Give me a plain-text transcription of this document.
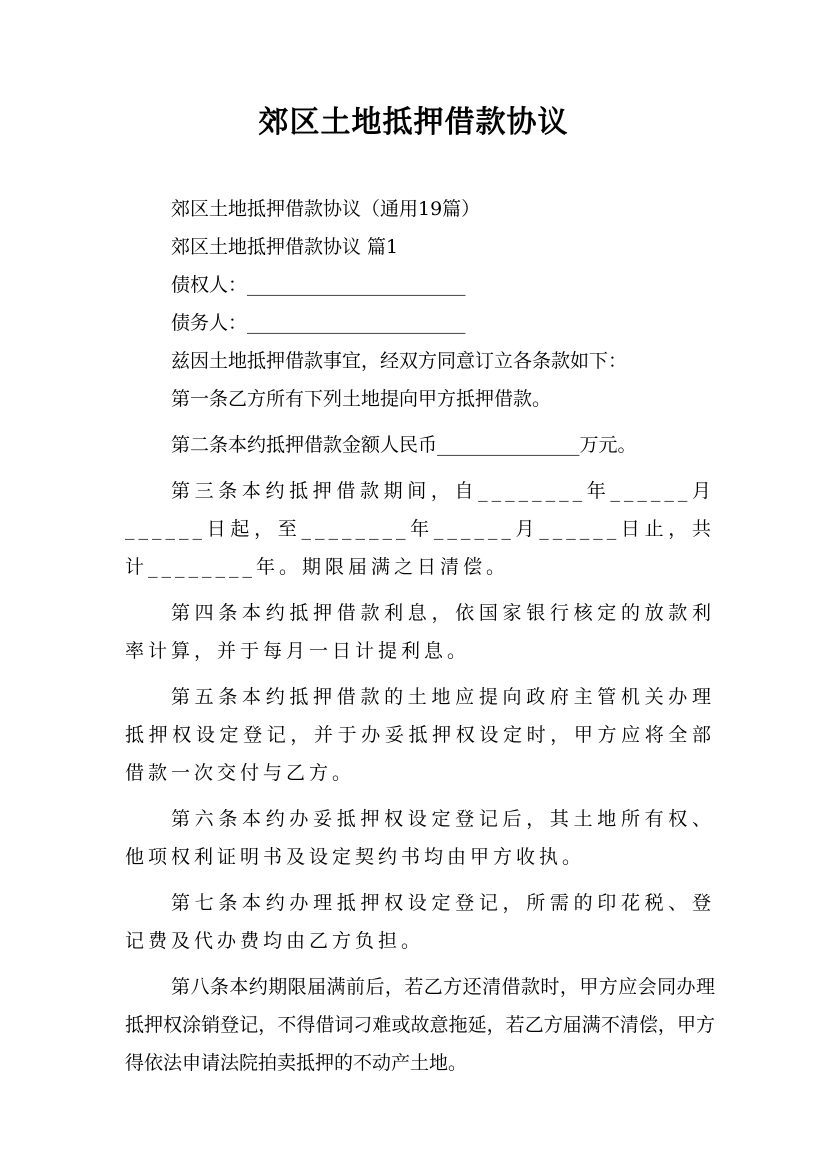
郊区土地抵押借款协议

郊区土地抵押借款协议（通用19篇）

郊区土地抵押借款协议 篇1

债权人：_______________________

债务人：_______________________

兹因土地抵押借款事宜，经双方同意订立各条款如下：

第一条乙方所有下列土地提向甲方抵押借款。

第二条本约抵押借款金额人民币_______________万元。

第三条本约抵押借款期间，自________年______月______日起，至________年______月______日止，共计________年。期限届满之日清偿。

第四条本约抵押借款利息，依国家银行核定的放款利率计算，并于每月一日计提利息。

第五条本约抵押借款的土地应提向政府主管机关办理抵押权设定登记，并于办妥抵押权设定时，甲方应将全部借款一次交付与乙方。

第六条本约办妥抵押权设定登记后，其土地所有权、他项权利证明书及设定契约书均由甲方收执。

第七条本约办理抵押权设定登记，所需的印花税、登记费及代办费均由乙方负担。

第八条本约期限届满前后，若乙方还清借款时，甲方应会同办理抵押权涂销登记，不得借词刁难或故意拖延，若乙方届满不清偿，甲方得依法申请法院拍卖抵押的不动产土地。
